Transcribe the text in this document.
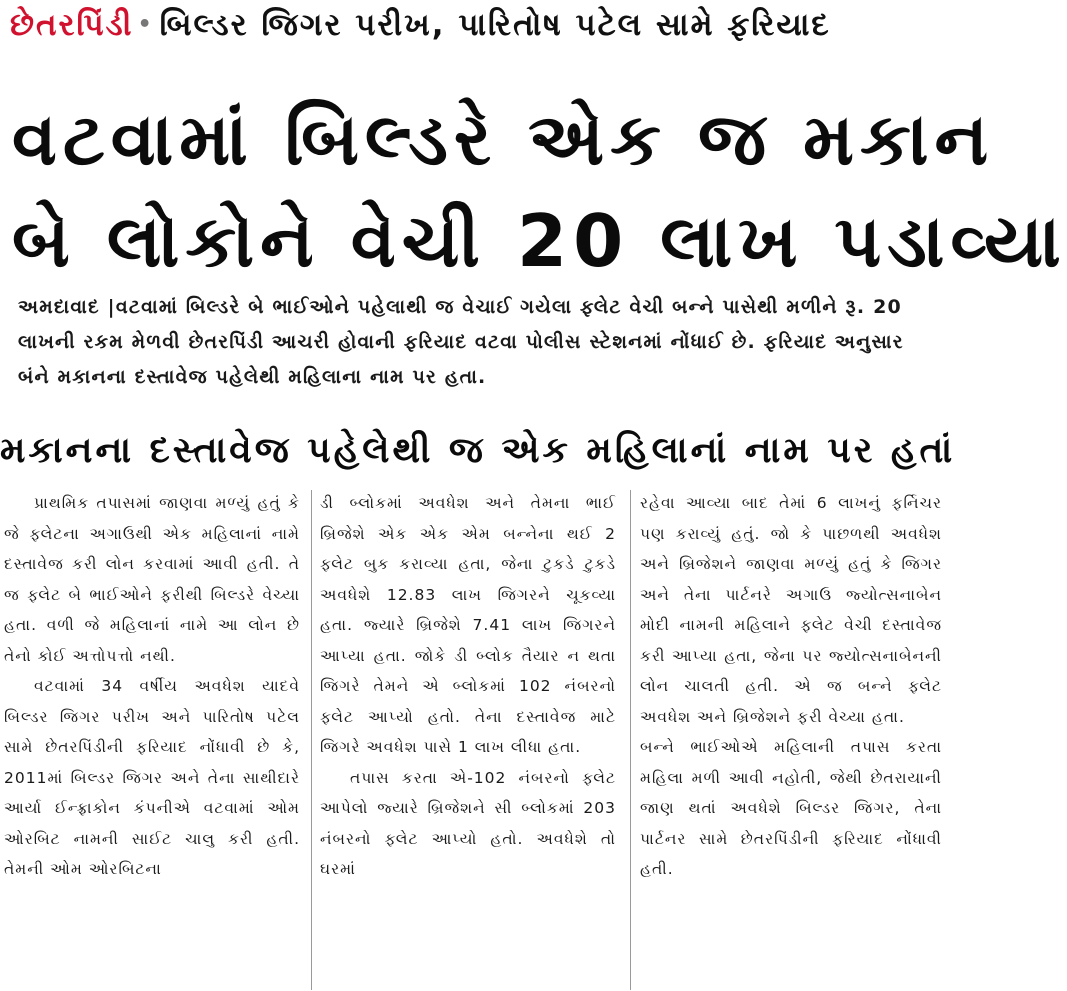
છેતરપિંડી • બિલ્ડર જિગર પરીખ, પારિતોષ પટેલ સામે ફરિયાદ
વટવામાં બિલ્ડરે એક જ મકાન
બે લોકોને વેચી 20 લાખ પડાવ્યા
અમદાવાદ |વટવામાં બિલ્ડરે બે ભાઈઓને પહેલાથી જ વેચાઈ ગયેલા ફ્લેટ વેચી બન્ને પાસેથી મળીને રૂ. 20 લાખની રકમ મેળવી છેતરપિંડી આચરી હોવાની ફરિયાદ વટવા પોલીસ સ્ટેશનમાં નોંધાઈ છે. ફરિયાદ અનુસાર બંને મકાનના દસ્તાવેજ પહેલેથી મહિલાના નામ પર હતા.
મકાનના દસ્તાવેજ પહેલેથી જ એક મહિલાનાં નામ પર હતાં

પ્રાથમિક તપાસમાં જાણવા મળ્યું હતું કે જે ફ્લેટના અગાઉથી એક મહિલાનાં નામે દસ્તાવેજ કરી લોન કરવામાં આવી હતી. તે જ ફ્લેટ બે ભાઈઓને ફરીથી બિલ્ડરે વેચ્યા હતા. વળી જે મહિલાનાં નામે આ લોન છે તેનો કોઈ અત્તોપત્તો નથી.

વટવામાં 34 વર્ષીય અવધેશ યાદવે બિલ્ડર જિગર પરીખ અને પારિતોષ પટેલ સામે છેતરપિંડીની ફરિયાદ નોંધાવી છે કે, 2011માં બિલ્ડર જિગર અને તેના સાથીદારે આર્યા ઈન્ફ્રાકોન કંપનીએ વટવામાં ઓમ ઓરબિટ નામની સાઈટ ચાલુ કરી હતી. તેમની ઓમ ઓરબિટના

ડી બ્લોકમાં અવધેશ અને તેમના ભાઈ બ્રિજેશે એક એક એમ બન્નેના થઈ 2 ફ્લેટ બુક કરાવ્યા હતા, જેના ટુકડે ટુકડે અવધેશે 12.83 લાખ જિગરને ચૂકવ્યા હતા. જ્યારે બ્રિજેશે 7.41 લાખ જિગરને આપ્યા હતા. જોકે ડી બ્લોક તૈયાર ન થતા જિગરે તેમને એ બ્લોકમાં 102 નંબરનો ફ્લેટ આપ્યો હતો. તેના દસ્તાવેજ માટે જિગરે અવધેશ પાસે 1 લાખ લીધા હતા.

તપાસ કરતા એ-102 નંબરનો ફ્લેટ આપેલો જ્યારે બ્રિજેશને સી બ્લોકમાં 203 નંબરનો ફ્લેટ આપ્યો હતો. અવધેશે તો ઘરમાં

રહેવા આવ્યા બાદ તેમાં 6 લાખનું ફર્નિચર પણ કરાવ્યું હતું. જો કે પાછળથી અવધેશ અને બ્રિજેશને જાણવા મળ્યું હતું કે જિગર અને તેના પાર્ટનરે અગાઉ જ્યોત્સનાબેન મોદી નામની મહિલાને ફ્લેટ વેચી દસ્તાવેજ કરી આપ્યા હતા, જેના પર જ્યોત્સનાબેનની લોન ચાલતી હતી. એ જ બન્ને ફ્લેટ અવધેશ અને બ્રિજેશને ફરી વેચ્યા હતા.

બન્ને ભાઈઓએ મહિલાની તપાસ કરતા મહિલા મળી આવી નહોતી, જેથી છેતરાયાની જાણ થતાં અવધેશે બિલ્ડર જિગર, તેના પાર્ટનર સામે છેતરપિંડીની ફરિયાદ નોંધાવી હતી.
